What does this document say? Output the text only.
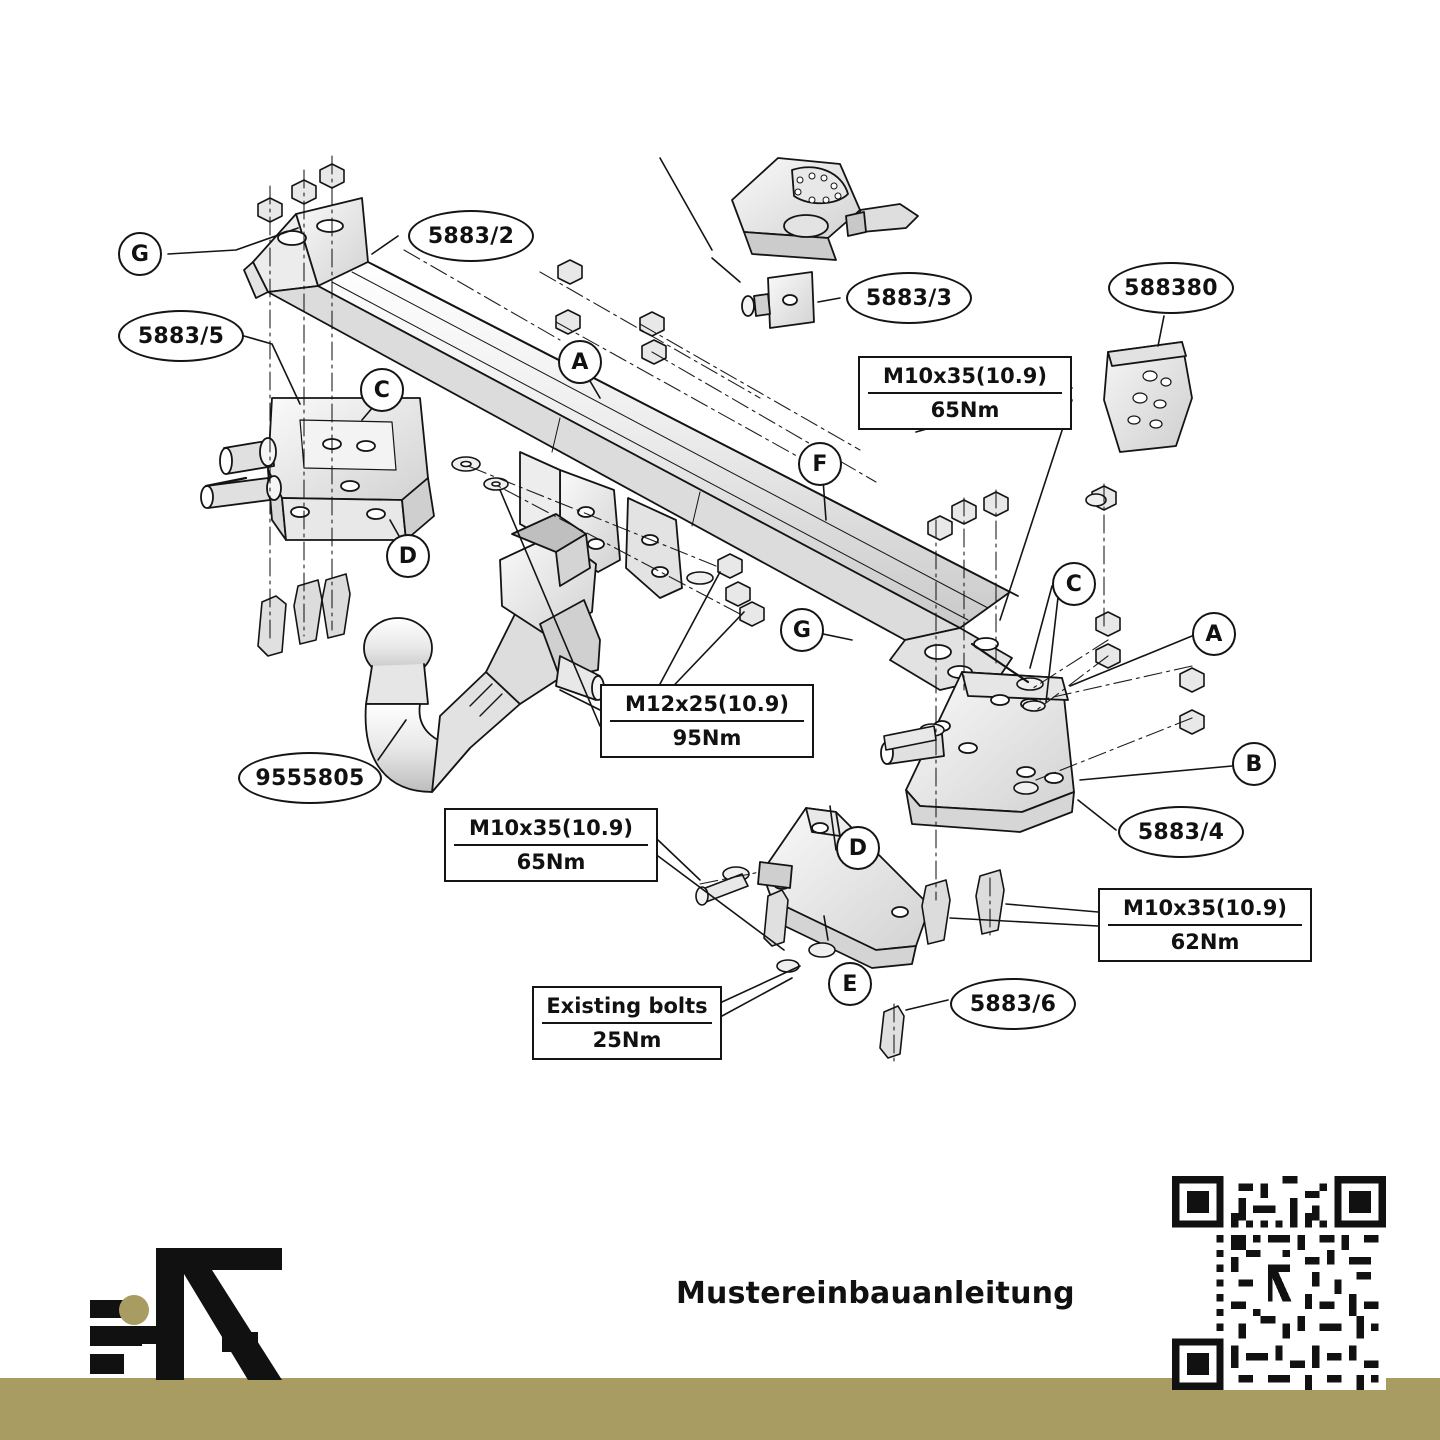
5883/2
5883/3	588380
5883/5
9555805
5883/4
5883/6
G
A
C
D
F
G
C
A
B
D
E
M10x35(10.9)
65Nm
M12x25(10.9)
95Nm
M10x35(10.9)
65Nm
M10x35(10.9)
62Nm
Existing bolts
25Nm
Mustereinbauanleitung
